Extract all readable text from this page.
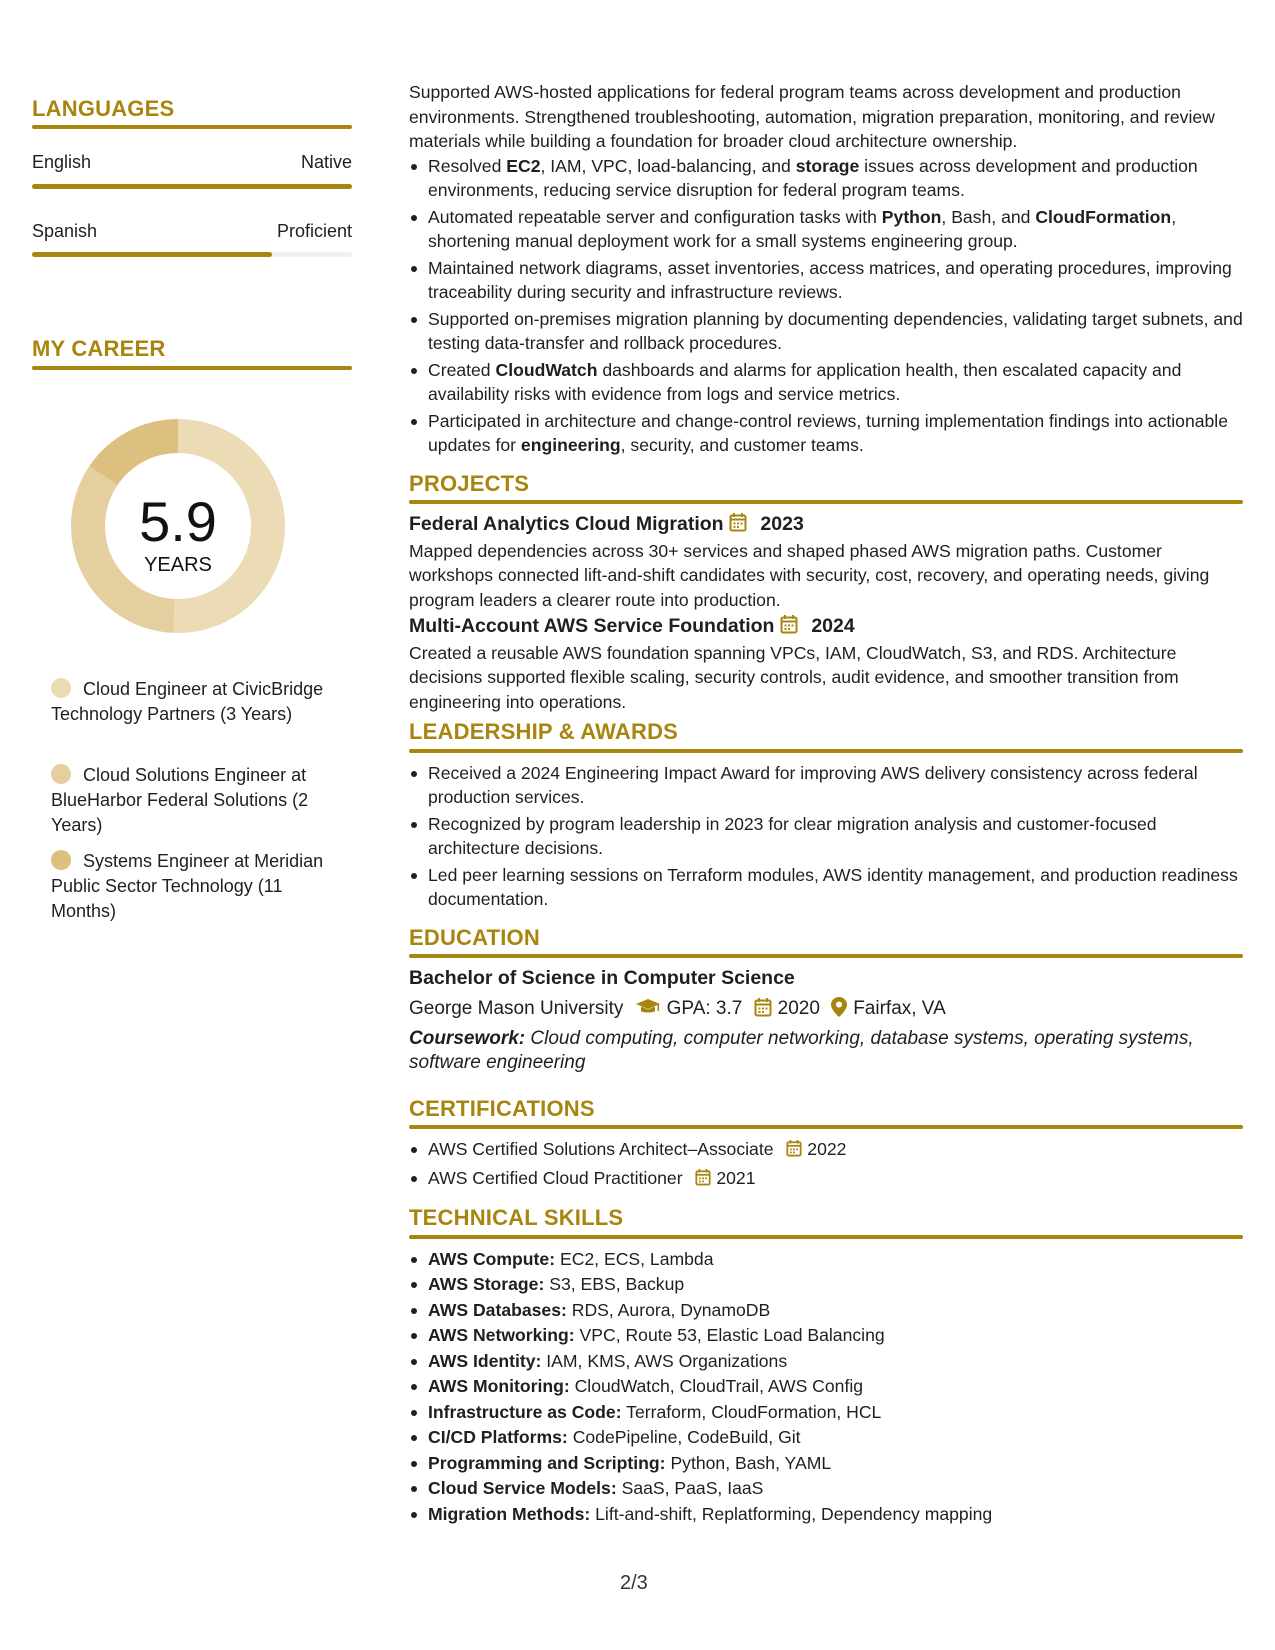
LANGUAGES
English	Native
Spanish	Proficient
MY CAREER
5.9
YEARS
Cloud Engineer at CivicBridge Technology Partners (3 Years)
Cloud Solutions Engineer at BlueHarbor Federal Solutions (2 Years)
Systems Engineer at Meridian Public Sector Technology (11 Months)

Supported AWS-hosted applications for federal program teams across development and production environments. Strengthened troubleshooting, automation, migration preparation, monitoring, and review materials while building a foundation for broader cloud architecture ownership.

Resolved EC2, IAM, VPC, load-balancing, and storage issues across development and production environments, reducing service disruption for federal program teams.
Automated repeatable server and configuration tasks with Python, Bash, and CloudFormation, shortening manual deployment work for a small systems engineering group.
Maintained network diagrams, asset inventories, access matrices, and operating procedures, improving traceability during security and infrastructure reviews.
Supported on-premises migration planning by documenting dependencies, validating target subnets, and testing data-transfer and rollback procedures.
Created CloudWatch dashboards and alarms for application health, then escalated capacity and availability risks with evidence from logs and service metrics.
Participated in architecture and change-control reviews, turning implementation findings into actionable updates for engineering, security, and customer teams.
PROJECTS
Federal Analytics Cloud Migration 2023

Mapped dependencies across 30+ services and shaped phased AWS migration paths. Customer workshops connected lift-and-shift candidates with security, cost, recovery, and operating needs, giving program leaders a clearer route into production.

Multi-Account AWS Service Foundation 2024

Created a reusable AWS foundation spanning VPCs, IAM, CloudWatch, S3, and RDS. Architecture decisions supported flexible scaling, security controls, audit evidence, and smoother transition from engineering into operations.

LEADERSHIP & AWARDS
Received a 2024 Engineering Impact Award for improving AWS delivery consistency across federal production services.
Recognized by program leadership in 2023 for clear migration analysis and customer-focused architecture decisions.
Led peer learning sessions on Terraform modules, AWS identity management, and production readiness documentation.
EDUCATION
Bachelor of Science in Computer Science
George Mason University GPA: 3.7 2020 Fairfax, VA
Coursework: Cloud computing, computer networking, database systems, operating systems, software engineering
CERTIFICATIONS
AWS Certified Solutions Architect–Associate 2022
AWS Certified Cloud Practitioner 2021
TECHNICAL SKILLS
AWS Compute: EC2, ECS, Lambda
AWS Storage: S3, EBS, Backup
AWS Databases: RDS, Aurora, DynamoDB
AWS Networking: VPC, Route 53, Elastic Load Balancing
AWS Identity: IAM, KMS, AWS Organizations
AWS Monitoring: CloudWatch, CloudTrail, AWS Config
Infrastructure as Code: Terraform, CloudFormation, HCL
CI/CD Platforms: CodePipeline, CodeBuild, Git
Programming and Scripting: Python, Bash, YAML
Cloud Service Models: SaaS, PaaS, IaaS
Migration Methods: Lift-and-shift, Replatforming, Dependency mapping
2/3
